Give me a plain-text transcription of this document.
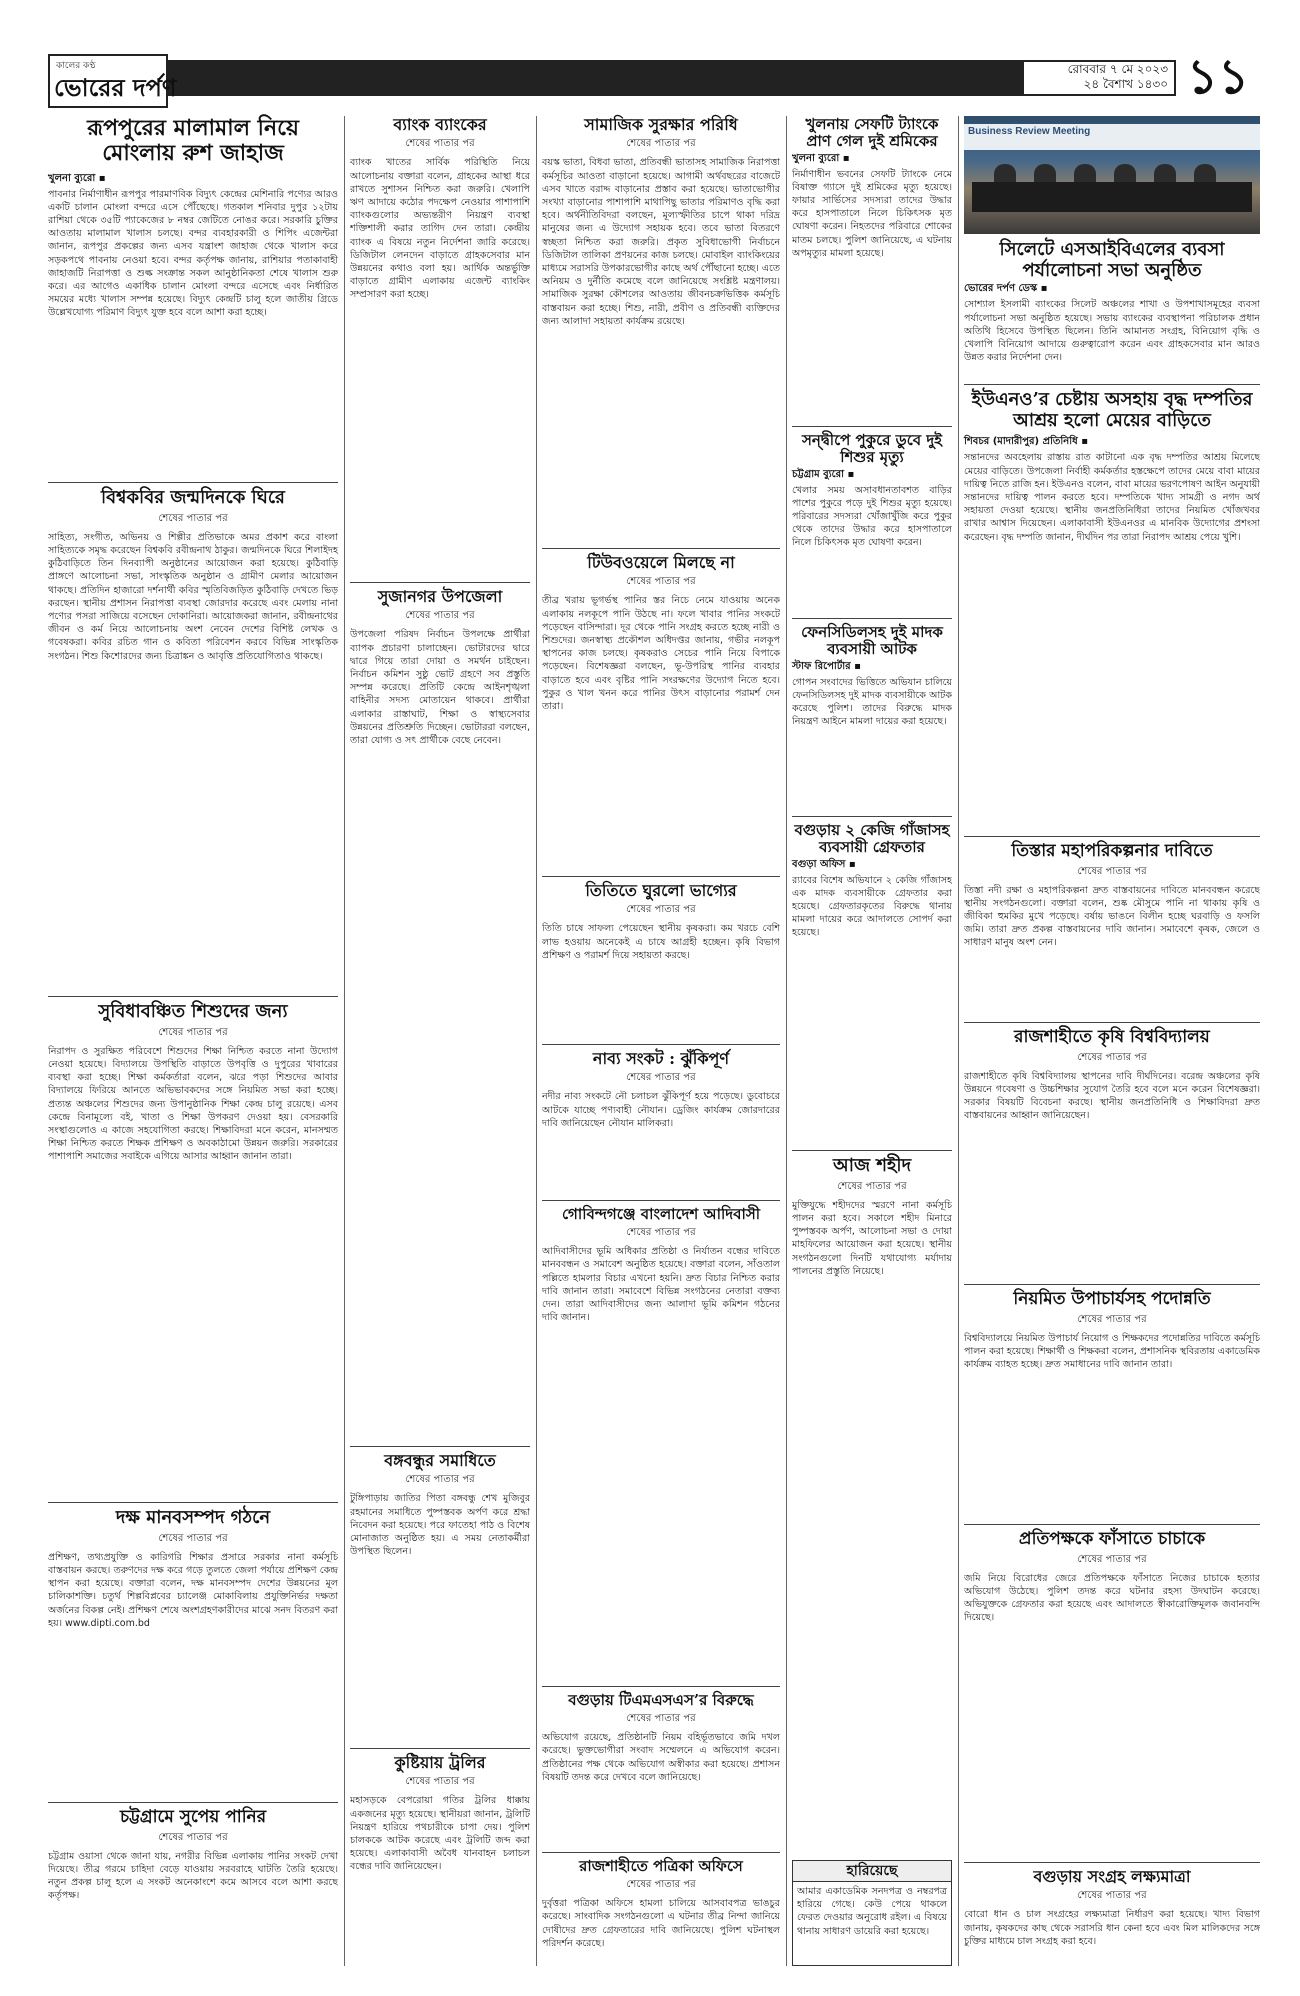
কালের কণ্ঠ
ভোরের দর্পণ
রোববার ৭ মে ২০২৩
২৪ বৈশাখ ১৪৩০ ১১
রূপপুরের মালামাল নিয়ে মোংলায় রুশ জাহাজ
খুলনা ব্যুরো ▪
পাবনার নির্মাণাধীন রূপপুর পারমাণবিক বিদ্যুৎ কেন্দ্রের মেশিনারি পণ্যের আরও একটি চালান মোংলা বন্দরে এসে পৌঁছেছে। গতকাল শনিবার দুপুর ১২টায় রাশিয়া থেকে ৩৫টি প্যাকেজের ৮ নম্বর জেটিতে নোঙর করে। সরকারি চুক্তির আওতায় মালামাল খালাস চলছে। বন্দর ব্যবহারকারী ও শিপিং এজেন্টরা জানান, রূপপুর প্রকল্পের জন্য এসব যন্ত্রাংশ জাহাজ থেকে খালাস করে সড়কপথে পাবনায় নেওয়া হবে। বন্দর কর্তৃপক্ষ জানায়, রাশিয়ার পতাকাবাহী জাহাজটি নিরাপত্তা ও শুল্ক সংক্রান্ত সকল আনুষ্ঠানিকতা শেষে খালাস শুরু করে। এর আগেও একাধিক চালান মোংলা বন্দরে এসেছে এবং নির্ধারিত সময়ের মধ্যে খালাস সম্পন্ন হয়েছে। বিদ্যুৎ কেন্দ্রটি চালু হলে জাতীয় গ্রিডে উল্লেখযোগ্য পরিমাণ বিদ্যুৎ যুক্ত হবে বলে আশা করা হচ্ছে।
বিশ্বকবির জন্মদিনকে ঘিরে
শেষের পাতার পর
সাহিত্য, সংগীত, অভিনয় ও শিল্পীর প্রতিভাকে অমর প্রকাশ করে বাংলা সাহিত্যকে সমৃদ্ধ করেছেন বিশ্বকবি রবীন্দ্রনাথ ঠাকুর। জন্মদিনকে ঘিরে শিলাইদহ কুঠিবাড়িতে তিন দিনব্যাপী অনুষ্ঠানের আয়োজন করা হয়েছে। কুঠিবাড়ি প্রাঙ্গণে আলোচনা সভা, সাংস্কৃতিক অনুষ্ঠান ও গ্রামীণ মেলার আয়োজন থাকছে। প্রতিদিন হাজারো দর্শনার্থী কবির স্মৃতিবিজড়িত কুঠিবাড়ি দেখতে ভিড় করছেন। স্থানীয় প্রশাসন নিরাপত্তা ব্যবস্থা জোরদার করেছে এবং মেলায় নানা পণ্যের পসরা সাজিয়ে বসেছেন দোকানিরা। আয়োজকরা জানান, রবীন্দ্রনাথের জীবন ও কর্ম নিয়ে আলোচনায় অংশ নেবেন দেশের বিশিষ্ট লেখক ও গবেষকরা। কবির রচিত গান ও কবিতা পরিবেশন করবে বিভিন্ন সাংস্কৃতিক সংগঠন। শিশু কিশোরদের জন্য চিত্রাঙ্কন ও আবৃত্তি প্রতিযোগিতাও থাকছে।
সুবিধাবঞ্চিত শিশুদের জন্য
শেষের পাতার পর
নিরাপদ ও সুরক্ষিত পরিবেশে শিশুদের শিক্ষা নিশ্চিত করতে নানা উদ্যোগ নেওয়া হয়েছে। বিদ্যালয়ে উপস্থিতি বাড়াতে উপবৃত্তি ও দুপুরের খাবারের ব্যবস্থা করা হচ্ছে। শিক্ষা কর্মকর্তারা বলেন, ঝরে পড়া শিশুদের আবার বিদ্যালয়ে ফিরিয়ে আনতে অভিভাবকদের সঙ্গে নিয়মিত সভা করা হচ্ছে। প্রত্যন্ত অঞ্চলের শিশুদের জন্য উপানুষ্ঠানিক শিক্ষা কেন্দ্র চালু রয়েছে। এসব কেন্দ্রে বিনামূল্যে বই, খাতা ও শিক্ষা উপকরণ দেওয়া হয়। বেসরকারি সংস্থাগুলোও এ কাজে সহযোগিতা করছে। শিক্ষাবিদরা মনে করেন, মানসম্মত শিক্ষা নিশ্চিত করতে শিক্ষক প্রশিক্ষণ ও অবকাঠামো উন্নয়ন জরুরি। সরকারের পাশাপাশি সমাজের সবাইকে এগিয়ে আসার আহ্বান জানান তারা।
দক্ষ মানবসম্পদ গঠনে
শেষের পাতার পর
প্রশিক্ষণ, তথ্যপ্রযুক্তি ও কারিগরি শিক্ষার প্রসারে সরকার নানা কর্মসূচি বাস্তবায়ন করছে। তরুণদের দক্ষ করে গড়ে তুলতে জেলা পর্যায়ে প্রশিক্ষণ কেন্দ্র স্থাপন করা হয়েছে। বক্তারা বলেন, দক্ষ মানবসম্পদ দেশের উন্নয়নের মূল চালিকাশক্তি। চতুর্থ শিল্পবিপ্লবের চ্যালেঞ্জ মোকাবিলায় প্রযুক্তিনির্ভর দক্ষতা অর্জনের বিকল্প নেই। প্রশিক্ষণ শেষে অংশগ্রহণকারীদের মাঝে সনদ বিতরণ করা হয়। www.dipti.com.bd
চট্টগ্রামে সুপেয় পানির
শেষের পাতার পর
চট্টগ্রাম ওয়াসা থেকে জানা যায়, নগরীর বিভিন্ন এলাকায় পানির সংকট দেখা দিয়েছে। তীব্র গরমে চাহিদা বেড়ে যাওয়ায় সরবরাহে ঘাটতি তৈরি হয়েছে। নতুন প্রকল্প চালু হলে এ সংকট অনেকাংশে কমে আসবে বলে আশা করছে কর্তৃপক্ষ।
ব্যাংক ব্যাংকের
শেষের পাতার পর
ব্যাংক খাতের সার্বিক পরিস্থিতি নিয়ে আলোচনায় বক্তারা বলেন, গ্রাহকের আস্থা ধরে রাখতে সুশাসন নিশ্চিত করা জরুরি। খেলাপি ঋণ আদায়ে কঠোর পদক্ষেপ নেওয়ার পাশাপাশি ব্যাংকগুলোর অভ্যন্তরীণ নিয়ন্ত্রণ ব্যবস্থা শক্তিশালী করার তাগিদ দেন তারা। কেন্দ্রীয় ব্যাংক এ বিষয়ে নতুন নির্দেশনা জারি করেছে। ডিজিটাল লেনদেন বাড়াতে গ্রাহকসেবার মান উন্নয়নের কথাও বলা হয়। আর্থিক অন্তর্ভুক্তি বাড়াতে গ্রামীণ এলাকায় এজেন্ট ব্যাংকিং সম্প্রসারণ করা হচ্ছে।
সুজানগর উপজেলা
শেষের পাতার পর
উপজেলা পরিষদ নির্বাচন উপলক্ষে প্রার্থীরা ব্যাপক প্রচারণা চালাচ্ছেন। ভোটারদের দ্বারে দ্বারে গিয়ে তারা দোয়া ও সমর্থন চাইছেন। নির্বাচন কমিশন সুষ্ঠু ভোট গ্রহণে সব প্রস্তুতি সম্পন্ন করেছে। প্রতিটি কেন্দ্রে আইনশৃঙ্খলা বাহিনীর সদস্য মোতায়েন থাকবে। প্রার্থীরা এলাকার রাস্তাঘাট, শিক্ষা ও স্বাস্থ্যসেবার উন্নয়নের প্রতিশ্রুতি দিচ্ছেন। ভোটাররা বলছেন, তারা যোগ্য ও সৎ প্রার্থীকে বেছে নেবেন।
বঙ্গবন্ধুর সমাধিতে
শেষের পাতার পর
টুঙ্গিপাড়ায় জাতির পিতা বঙ্গবন্ধু শেখ মুজিবুর রহমানের সমাধিতে পুষ্পস্তবক অর্পণ করে শ্রদ্ধা নিবেদন করা হয়েছে। পরে ফাতেহা পাঠ ও বিশেষ মোনাজাত অনুষ্ঠিত হয়। এ সময় নেতাকর্মীরা উপস্থিত ছিলেন।
কুষ্টিয়ায় ট্রলির
শেষের পাতার পর
মহাসড়কে বেপরোয়া গতির ট্রলির ধাক্কায় একজনের মৃত্যু হয়েছে। স্থানীয়রা জানান, ট্রলিটি নিয়ন্ত্রণ হারিয়ে পথচারীকে চাপা দেয়। পুলিশ চালককে আটক করেছে এবং ট্রলিটি জব্দ করা হয়েছে। এলাকাবাসী অবৈধ যানবাহন চলাচল বন্ধের দাবি জানিয়েছেন।
সামাজিক সুরক্ষার পরিধি
শেষের পাতার পর
বয়স্ক ভাতা, বিধবা ভাতা, প্রতিবন্ধী ভাতাসহ সামাজিক নিরাপত্তা কর্মসূচির আওতা বাড়ানো হয়েছে। আগামী অর্থবছরের বাজেটে এসব খাতে বরাদ্দ বাড়ানোর প্রস্তাব করা হয়েছে। ভাতাভোগীর সংখ্যা বাড়ানোর পাশাপাশি মাথাপিছু ভাতার পরিমাণও বৃদ্ধি করা হবে। অর্থনীতিবিদরা বলছেন, মূল্যস্ফীতির চাপে থাকা দরিদ্র মানুষের জন্য এ উদ্যোগ সহায়ক হবে। তবে ভাতা বিতরণে স্বচ্ছতা নিশ্চিত করা জরুরি। প্রকৃত সুবিধাভোগী নির্বাচনে ডিজিটাল তালিকা প্রণয়নের কাজ চলছে। মোবাইল ব্যাংকিংয়ের মাধ্যমে সরাসরি উপকারভোগীর কাছে অর্থ পৌঁছানো হচ্ছে। এতে অনিয়ম ও দুর্নীতি কমেছে বলে জানিয়েছে সংশ্লিষ্ট মন্ত্রণালয়। সামাজিক সুরক্ষা কৌশলের আওতায় জীবনচক্রভিত্তিক কর্মসূচি বাস্তবায়ন করা হচ্ছে। শিশু, নারী, প্রবীণ ও প্রতিবন্ধী ব্যক্তিদের জন্য আলাদা সহায়তা কার্যক্রম রয়েছে।
টিউবওয়েলে মিলছে না
শেষের পাতার পর
তীব্র খরায় ভূগর্ভস্থ পানির স্তর নিচে নেমে যাওয়ায় অনেক এলাকায় নলকূপে পানি উঠছে না। ফলে খাবার পানির সংকটে পড়েছেন বাসিন্দারা। দূর থেকে পানি সংগ্রহ করতে হচ্ছে নারী ও শিশুদের। জনস্বাস্থ্য প্রকৌশল অধিদপ্তর জানায়, গভীর নলকূপ স্থাপনের কাজ চলছে। কৃষকরাও সেচের পানি নিয়ে বিপাকে পড়েছেন। বিশেষজ্ঞরা বলছেন, ভূ-উপরিস্থ পানির ব্যবহার বাড়াতে হবে এবং বৃষ্টির পানি সংরক্ষণের উদ্যোগ নিতে হবে। পুকুর ও খাল খনন করে পানির উৎস বাড়ানোর পরামর্শ দেন তারা।
তিতিতে ঘুরলো ভাগ্যের
শেষের পাতার পর
তিতি চাষে সাফল্য পেয়েছেন স্থানীয় কৃষকরা। কম খরচে বেশি লাভ হওয়ায় অনেকেই এ চাষে আগ্রহী হচ্ছেন। কৃষি বিভাগ প্রশিক্ষণ ও পরামর্শ দিয়ে সহায়তা করছে।
নাব্য সংকট : ঝুঁকিপূর্ণ
শেষের পাতার পর
নদীর নাব্য সংকটে নৌ চলাচল ঝুঁকিপূর্ণ হয়ে পড়েছে। ডুবোচরে আটকে যাচ্ছে পণ্যবাহী নৌযান। ড্রেজিং কার্যক্রম জোরদারের দাবি জানিয়েছেন নৌযান মালিকরা।
গোবিন্দগঞ্জে বাংলাদেশ আদিবাসী
শেষের পাতার পর
আদিবাসীদের ভূমি অধিকার প্রতিষ্ঠা ও নির্যাতন বন্ধের দাবিতে মানববন্ধন ও সমাবেশ অনুষ্ঠিত হয়েছে। বক্তারা বলেন, সাঁওতাল পল্লিতে হামলার বিচার এখনো হয়নি। দ্রুত বিচার নিশ্চিত করার দাবি জানান তারা। সমাবেশে বিভিন্ন সংগঠনের নেতারা বক্তব্য দেন। তারা আদিবাসীদের জন্য আলাদা ভূমি কমিশন গঠনের দাবি জানান।
বগুড়ায় টিএমএসএস’র বিরুদ্ধে
শেষের পাতার পর
অভিযোগ রয়েছে, প্রতিষ্ঠানটি নিয়ম বহির্ভূতভাবে জমি দখল করেছে। ভুক্তভোগীরা সংবাদ সম্মেলনে এ অভিযোগ করেন। প্রতিষ্ঠানের পক্ষ থেকে অভিযোগ অস্বীকার করা হয়েছে। প্রশাসন বিষয়টি তদন্ত করে দেখবে বলে জানিয়েছে।
রাজশাহীতে পত্রিকা অফিসে
শেষের পাতার পর
দুর্বৃত্তরা পত্রিকা অফিসে হামলা চালিয়ে আসবাবপত্র ভাঙচুর করেছে। সাংবাদিক সংগঠনগুলো এ ঘটনার তীব্র নিন্দা জানিয়ে দোষীদের দ্রুত গ্রেফতারের দাবি জানিয়েছে। পুলিশ ঘটনাস্থল পরিদর্শন করেছে।
খুলনায় সেফটি ট্যাংকে প্রাণ গেল দুই শ্রমিকের
খুলনা ব্যুরো ▪
নির্মাণাধীন ভবনের সেফটি ট্যাংকে নেমে বিষাক্ত গ্যাসে দুই শ্রমিকের মৃত্যু হয়েছে। ফায়ার সার্ভিসের সদস্যরা তাদের উদ্ধার করে হাসপাতালে নিলে চিকিৎসক মৃত ঘোষণা করেন। নিহতদের পরিবারে শোকের মাতম চলছে। পুলিশ জানিয়েছে, এ ঘটনায় অপমৃত্যুর মামলা হয়েছে।
সন্দ্বীপে পুকুরে ডুবে দুই শিশুর মৃত্যু
চট্টগ্রাম ব্যুরো ▪
খেলার সময় অসাবধানতাবশত বাড়ির পাশের পুকুরে পড়ে দুই শিশুর মৃত্যু হয়েছে। পরিবারের সদস্যরা খোঁজাখুঁজি করে পুকুর থেকে তাদের উদ্ধার করে হাসপাতালে নিলে চিকিৎসক মৃত ঘোষণা করেন।
ফেনসিডিলসহ দুই মাদক ব্যবসায়ী আটক
স্টাফ রিপোর্টার ▪
গোপন সংবাদের ভিত্তিতে অভিযান চালিয়ে ফেনসিডিলসহ দুই মাদক ব্যবসায়ীকে আটক করেছে পুলিশ। তাদের বিরুদ্ধে মাদক নিয়ন্ত্রণ আইনে মামলা দায়ের করা হয়েছে।
বগুড়ায় ২ কেজি গাঁজাসহ ব্যবসায়ী গ্রেফতার
বগুড়া অফিস ▪
র‌্যাবের বিশেষ অভিযানে ২ কেজি গাঁজাসহ এক মাদক ব্যবসায়ীকে গ্রেফতার করা হয়েছে। গ্রেফতারকৃতের বিরুদ্ধে থানায় মামলা দায়ের করে আদালতে সোপর্দ করা হয়েছে।
আজ শহীদ
শেষের পাতার পর
মুক্তিযুদ্ধে শহীদদের স্মরণে নানা কর্মসূচি পালন করা হবে। সকালে শহীদ মিনারে পুষ্পস্তবক অর্পণ, আলোচনা সভা ও দোয়া মাহফিলের আয়োজন করা হয়েছে। স্থানীয় সংগঠনগুলো দিনটি যথাযোগ্য মর্যাদায় পালনের প্রস্তুতি নিয়েছে।
হারিয়েছে
আমার একাডেমিক সনদপত্র ও নম্বরপত্র হারিয়ে গেছে। কেউ পেয়ে থাকলে ফেরত দেওয়ার অনুরোধ রইল। এ বিষয়ে থানায় সাধারণ ডায়েরি করা হয়েছে।
Business Review Meeting
সিলেটে এসআইবিএলের ব্যবসা পর্যালোচনা সভা অনুষ্ঠিত
ভোরের দর্পণ ডেস্ক ▪
সোশ্যাল ইসলামী ব্যাংকের সিলেট অঞ্চলের শাখা ও উপশাখাসমূহের ব্যবসা পর্যালোচনা সভা অনুষ্ঠিত হয়েছে। সভায় ব্যাংকের ব্যবস্থাপনা পরিচালক প্রধান অতিথি হিসেবে উপস্থিত ছিলেন। তিনি আমানত সংগ্রহ, বিনিয়োগ বৃদ্ধি ও খেলাপি বিনিয়োগ আদায়ে গুরুত্বারোপ করেন এবং গ্রাহকসেবার মান আরও উন্নত করার নির্দেশনা দেন।
ইউএনও’র চেষ্টায় অসহায় বৃদ্ধ দম্পতির আশ্রয় হলো মেয়ের বাড়িতে
শিবচর (মাদারীপুর) প্রতিনিধি ▪
সন্তানদের অবহেলায় রাস্তায় রাত কাটানো এক বৃদ্ধ দম্পতির আশ্রয় মিলেছে মেয়ের বাড়িতে। উপজেলা নির্বাহী কর্মকর্তার হস্তক্ষেপে তাদের মেয়ে বাবা মায়ের দায়িত্ব নিতে রাজি হন। ইউএনও বলেন, বাবা মায়ের ভরণপোষণ আইন অনুযায়ী সন্তানদের দায়িত্ব পালন করতে হবে। দম্পতিকে খাদ্য সামগ্রী ও নগদ অর্থ সহায়তা দেওয়া হয়েছে। স্থানীয় জনপ্রতিনিধিরা তাদের নিয়মিত খোঁজখবর রাখার আশ্বাস দিয়েছেন। এলাকাবাসী ইউএনওর এ মানবিক উদ্যোগের প্রশংসা করেছেন। বৃদ্ধ দম্পতি জানান, দীর্ঘদিন পর তারা নিরাপদ আশ্রয় পেয়ে খুশি।
তিস্তার মহাপরিকল্পনার দাবিতে
শেষের পাতার পর
তিস্তা নদী রক্ষা ও মহাপরিকল্পনা দ্রুত বাস্তবায়নের দাবিতে মানববন্ধন করেছে স্থানীয় সংগঠনগুলো। বক্তারা বলেন, শুষ্ক মৌসুমে পানি না থাকায় কৃষি ও জীবিকা হুমকির মুখে পড়েছে। বর্ষায় ভাঙনে বিলীন হচ্ছে ঘরবাড়ি ও ফসলি জমি। তারা দ্রুত প্রকল্প বাস্তবায়নের দাবি জানান। সমাবেশে কৃষক, জেলে ও সাধারণ মানুষ অংশ নেন।
রাজশাহীতে কৃষি বিশ্ববিদ্যালয়
শেষের পাতার পর
রাজশাহীতে কৃষি বিশ্ববিদ্যালয় স্থাপনের দাবি দীর্ঘদিনের। বরেন্দ্র অঞ্চলের কৃষি উন্নয়নে গবেষণা ও উচ্চশিক্ষার সুযোগ তৈরি হবে বলে মনে করেন বিশেষজ্ঞরা। সরকার বিষয়টি বিবেচনা করছে। স্থানীয় জনপ্রতিনিধি ও শিক্ষাবিদরা দ্রুত বাস্তবায়নের আহ্বান জানিয়েছেন।
নিয়মিত উপাচার্যসহ পদোন্নতি
শেষের পাতার পর
বিশ্ববিদ্যালয়ে নিয়মিত উপাচার্য নিয়োগ ও শিক্ষকদের পদোন্নতির দাবিতে কর্মসূচি পালন করা হয়েছে। শিক্ষার্থী ও শিক্ষকরা বলেন, প্রশাসনিক স্থবিরতায় একাডেমিক কার্যক্রম ব্যাহত হচ্ছে। দ্রুত সমাধানের দাবি জানান তারা।
প্রতিপক্ষকে ফাঁসাতে চাচাকে
শেষের পাতার পর
জমি নিয়ে বিরোধের জেরে প্রতিপক্ষকে ফাঁসাতে নিজের চাচাকে হত্যার অভিযোগ উঠেছে। পুলিশ তদন্ত করে ঘটনার রহস্য উদঘাটন করেছে। অভিযুক্তকে গ্রেফতার করা হয়েছে এবং আদালতে স্বীকারোক্তিমূলক জবানবন্দি দিয়েছে।
বগুড়ায় সংগ্রহ লক্ষ্যমাত্রা
শেষের পাতার পর
বোরো ধান ও চাল সংগ্রহের লক্ষ্যমাত্রা নির্ধারণ করা হয়েছে। খাদ্য বিভাগ জানায়, কৃষকদের কাছ থেকে সরাসরি ধান কেনা হবে এবং মিল মালিকদের সঙ্গে চুক্তির মাধ্যমে চাল সংগ্রহ করা হবে।
